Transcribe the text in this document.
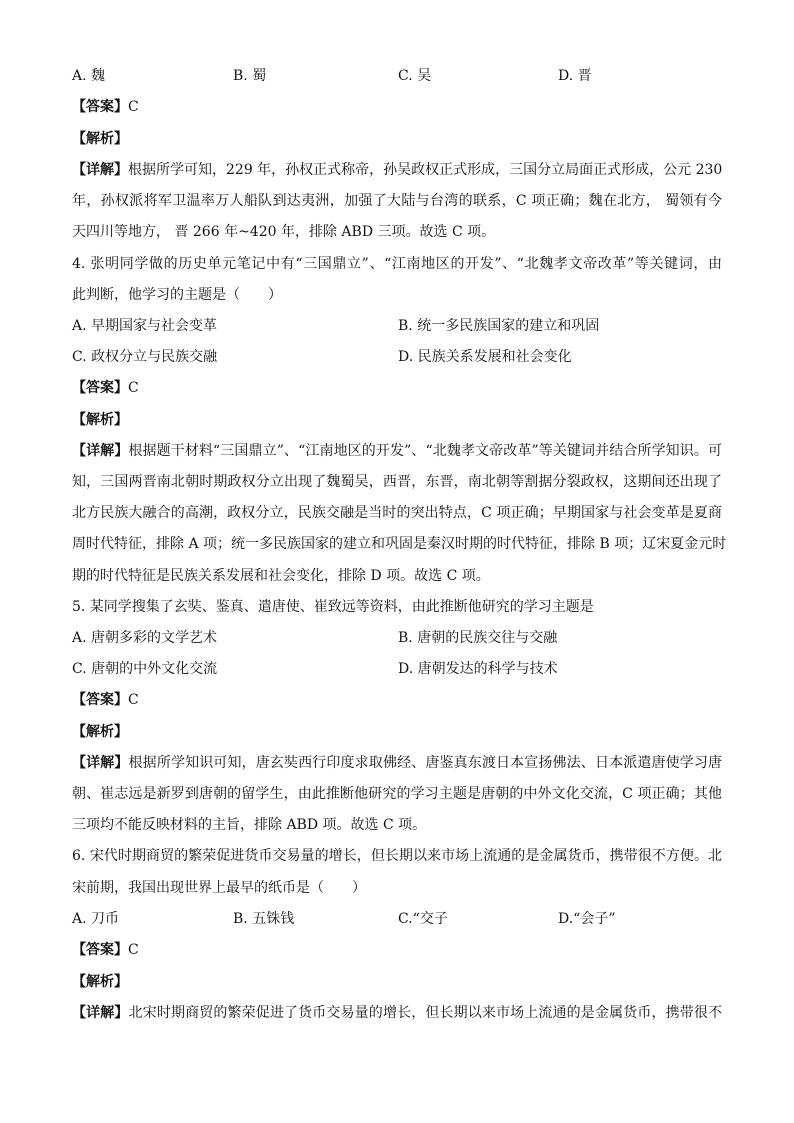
A. 魏	B. 蜀	C. 吴	D. 晋
【答案】C
【解析】
【详解】根据所学可知，229 年，孙权正式称帝，孙吴政权正式形成，三国分立局面正式形成，公元 230
年，孙权派将军卫温率万人船队到达夷洲，加强了大陆与台湾的联系，C 项正确；魏在北方， 蜀领有今
天四川等地方， 晋 266 年~420 年，排除 ABD 三项。故选 C 项。
4. 张明同学做的历史单元笔记中有“三国鼎立”、“江南地区的开发”、“北魏孝文帝改革”等关键词，由
此判断，他学习的主题是（　　）
A. 早期国家与社会变革	B. 统一多民族国家的建立和巩固
C. 政权分立与民族交融	D. 民族关系发展和社会变化
【答案】C
【解析】
【详解】根据题干材料“三国鼎立”、“江南地区的开发”、“北魏孝文帝改革”等关键词并结合所学知识。可
知，三国两晋南北朝时期政权分立出现了魏蜀吴，西晋，东晋，南北朝等割据分裂政权，这期间还出现了
北方民族大融合的高潮，政权分立，民族交融是当时的突出特点，C 项正确；早期国家与社会变革是夏商
周时代特征，排除 A 项；统一多民族国家的建立和巩固是秦汉时期的时代特征，排除 B 项；辽宋夏金元时
期的时代特征是民族关系发展和社会变化，排除 D 项。故选 C 项。
5. 某同学搜集了玄奘、鉴真、遣唐使、崔致远等资料，由此推断他研究的学习主题是
A. 唐朝多彩的文学艺术	B. 唐朝的民族交往与交融
C. 唐朝的中外文化交流	D. 唐朝发达的科学与技术
【答案】C
【解析】
【详解】根据所学知识可知，唐玄奘西行印度求取佛经、唐鉴真东渡日本宣扬佛法、日本派遣唐使学习唐
朝、崔志远是新罗到唐朝的留学生，由此推断他研究的学习主题是唐朝的中外文化交流，C 项正确；其他
三项均不能反映材料的主旨，排除 ABD 项。故选 C 项。
6. 宋代时期商贸的繁荣促进货币交易量的增长，但长期以来市场上流通的是金属货币，携带很不方便。北
宋前期，我国出现世界上最早的纸币是（　　）
A. 刀币	B. 五铢钱	C.“交子	D.“会子”
【答案】C
【解析】
【详解】北宋时期商贸的繁荣促进了货币交易量的增长，但长期以来市场上流通的是金属货币，携带很不
